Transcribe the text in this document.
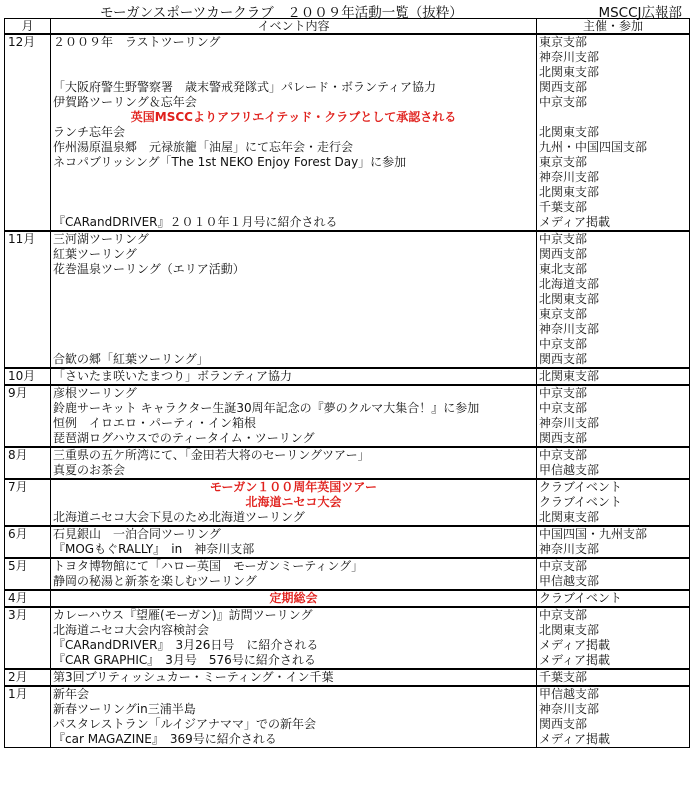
モーガンスポーツカークラブ　２００９年活動一覧（抜粋）	MSCCJ広報部
月	イベント内容	主催・参加
12月	２００９年　ラストツーリング	東京支部
		神奈川支部
		北関東支部
	「大阪府警生野警察署　歳末警戒発隊式」パレード・ボランティア協力	関西支部
	伊賀路ツーリング＆忘年会	中京支部
	英国MSCCよりアフリエイテッド・クラブとして承認される	
	ランチ忘年会	北関東支部
	作州湯原温泉郷　元禄旅籠「油屋」にて忘年会・走行会	九州・中国四国支部
	ネコパブリッシング「The 1st NEKO Enjoy Forest Day」に参加	東京支部
		神奈川支部
		北関東支部
		千葉支部
	『CARandDRIVER』２０１０年１月号に紹介される	メディア掲載
11月	三河湖ツーリング	中京支部
	紅葉ツーリング	関西支部
	花巻温泉ツーリング（エリア活動）	東北支部
		北海道支部
		北関東支部
		東京支部
		神奈川支部
		中京支部
	合歓の郷「紅葉ツーリング」	関西支部
10月	「さいたま咲いたまつり」ボランティア協力	北関東支部
9月	彦根ツーリング	中京支部
	鈴鹿サーキット キャラクター生誕30周年記念の『夢のクルマ大集合！』に参加	中京支部
	恒例　イロエロ・パーティ・イン箱根	神奈川支部
	琵琶湖ログハウスでのティータイム・ツーリング	関西支部
8月	三重県の五ケ所湾にて、「金田若大将のセーリングツアー」	中京支部
	真夏のお茶会	甲信越支部
7月	モーガン１００周年英国ツアー	クラブイベント
	北海道ニセコ大会	クラブイベント
	北海道ニセコ大会下見のため北海道ツーリング	北関東支部
6月	石見銀山　一泊合同ツーリング	中国四国・九州支部
	『MOGもぐRALLY』　in　神奈川支部	神奈川支部
5月	トヨタ博物館にて「ハロー英国　モーガンミーティング」	中京支部
	静岡の秘湯と新茶を楽しむツーリング	甲信越支部
4月	定期総会	クラブイベント
3月	カレーハウス『望雁(モーガン)』訪問ツーリング	中京支部
	北海道ニセコ大会内容検討会	北関東支部
	『CARandDRIVER』　3月26日号　に紹介される	メディア掲載
	『CAR GRAPHIC』　3月号　576号に紹介される	メディア掲載
2月	第3回ブリティッシュカー・ミーティング・イン千葉	千葉支部
1月	新年会	甲信越支部
	新春ツーリングin三浦半島	神奈川支部
	パスタレストラン「ルイジアナママ」での新年会	関西支部
	『car MAGAZINE』　369号に紹介される	メディア掲載
